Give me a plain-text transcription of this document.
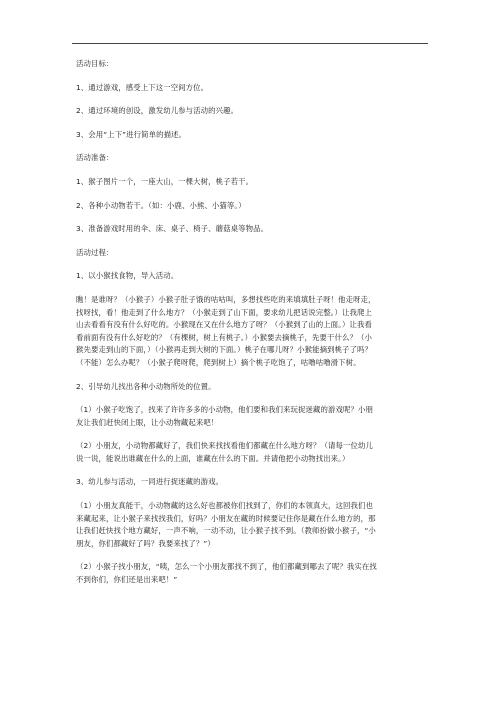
活动目标：
1、通过游戏，感受上下这一空间方位。
2、通过环境的创设，激发幼儿参与活动的兴趣。
3、会用“上下”进行简单的描述。
活动准备：
1、猴子图片一个，一座大山，一棵大树，桃子若干。
2、各种小动物若干。（如：小鹿、小熊、小猫等。）
3、准备游戏时用的伞、床、桌子、椅子、蘑菇桌等物品。
活动过程：
1、以小猴找食物，导入活动。
瞧！是谁呀？（小猴子）小猴子肚子饿的咕咕叫，多想找些吃的来填填肚子呀！他走呀走，
找呀找，看！他走到了什么地方？（小猴走到了山下面，要求幼儿把话说完整。）让我爬上
山去看看有没有什么好吃的。小猴现在又在什么地方了呀？（小猴到了山的上面。）让我看
看前面有没有什么好吃的？（有棵树，树上有桃子。）小猴要去摘桃子，先要干什么？（小
猴先要走到山的下面，）（小猴再走到大树的下面。）桃子在哪儿呀？小猴能摘到桃子了吗？
（不能）怎么办呢？（小猴子爬呀爬，爬到树上）摘个桃子吃饱了，咕噜咕噜滑下树。
2、引导幼儿找出各种小动物所处的位置。
（1）小猴子吃饱了，找来了许许多多的小动物，他们要和我们来玩捉迷藏的游戏呢？小朋
友让我们赶快闭上眼，让小动物藏起来吧！
（2）小朋友，小动物都藏好了，我们快来找找看他们都藏在什么地方呀？（请每一位幼儿
说一说，能说出谁藏在什么的上面，谁藏在什么的下面。并请他把小动物找出来。）
3、幼儿参与活动，一同进行捉迷藏的游戏。
（1）小朋友真能干，小动物藏的这么好也都被你们找到了，你们的本领真大，这回我们也
来藏起来，让小猴子来找找我们，好吗？小朋友在藏的时候要记住你是藏在什么地方的，那
让我们赶快找个地方藏好，一声不响，一动不动，让小猴子找不到。（教师扮做小猴子，“小
朋友，你们都藏好了吗？我要来找了？”）
（2）小猴子找小朋友，“咦，怎么一个小朋友都找不到了，他们都藏到哪去了呢？我实在找
不到你们，你们还是出来吧！”
